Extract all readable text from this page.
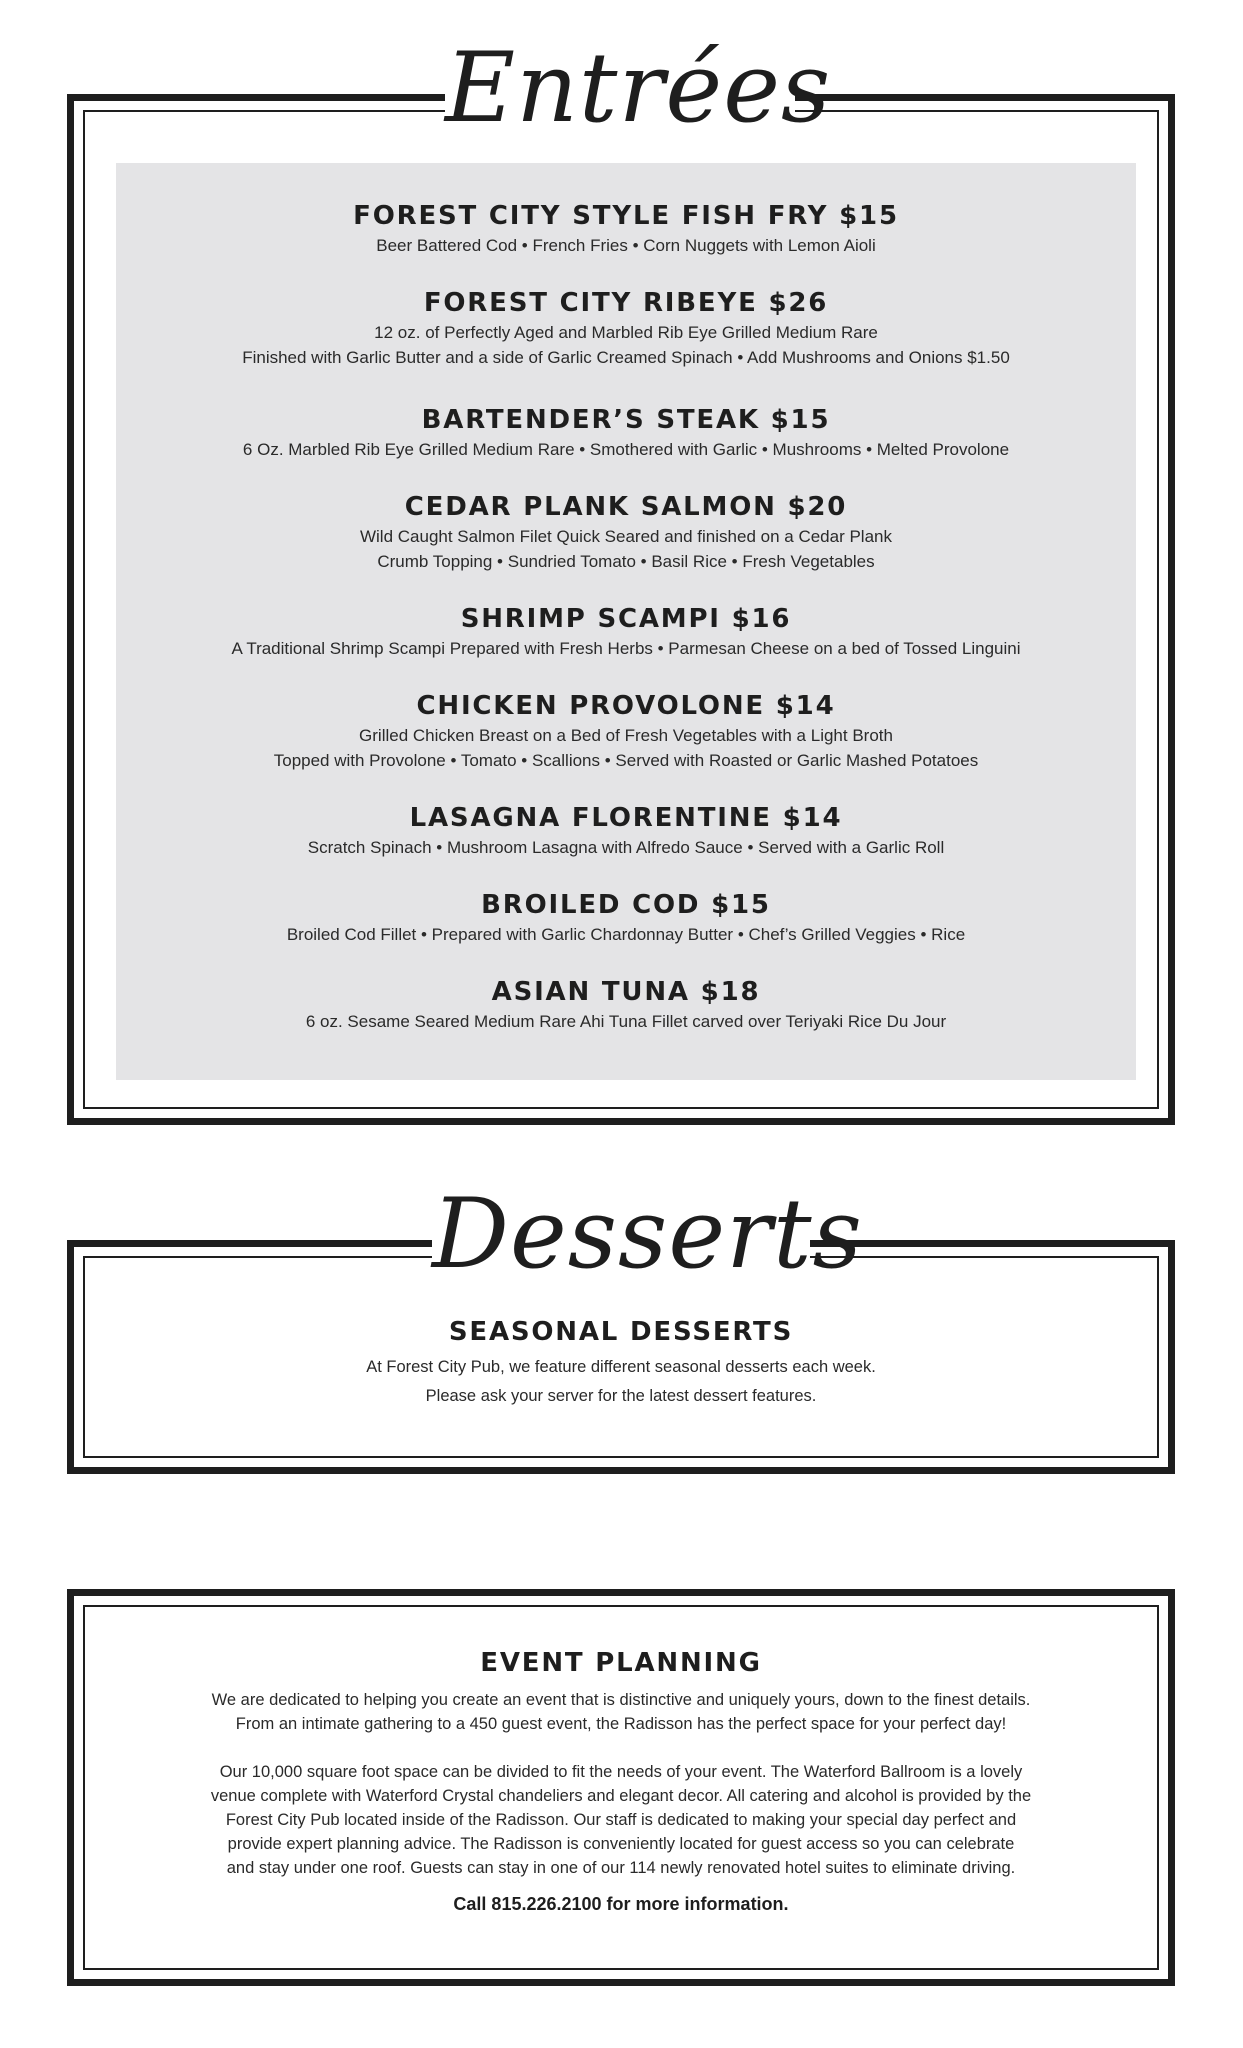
Entrées
FOREST CITY STYLE FISH FRY $15
Beer Battered Cod • French Fries • Corn Nuggets with Lemon Aioli
FOREST CITY RIBEYE $26
12 oz. of Perfectly Aged and Marbled Rib Eye Grilled Medium Rare
Finished with Garlic Butter and a side of Garlic Creamed Spinach • Add Mushrooms and Onions $1.50
BARTENDER’S STEAK $15
6 Oz. Marbled Rib Eye Grilled Medium Rare • Smothered with Garlic • Mushrooms • Melted Provolone
CEDAR PLANK SALMON $20
Wild Caught Salmon Filet Quick Seared and finished on a Cedar Plank
Crumb Topping • Sundried Tomato • Basil Rice • Fresh Vegetables
SHRIMP SCAMPI $16
A Traditional Shrimp Scampi Prepared with Fresh Herbs • Parmesan Cheese on a bed of Tossed Linguini
CHICKEN PROVOLONE $14
Grilled Chicken Breast on a Bed of Fresh Vegetables with a Light Broth
Topped with Provolone • Tomato • Scallions • Served with Roasted or Garlic Mashed Potatoes
LASAGNA FLORENTINE $14
Scratch Spinach • Mushroom Lasagna with Alfredo Sauce • Served with a Garlic Roll
BROILED COD $15
Broiled Cod Fillet • Prepared with Garlic Chardonnay Butter • Chef’s Grilled Veggies • Rice
ASIAN TUNA $18
6 oz. Sesame Seared Medium Rare Ahi Tuna Fillet carved over Teriyaki Rice Du Jour
SEASONAL DESSERTS
At Forest City Pub, we feature different seasonal desserts each week.
Please ask your server for the latest dessert features.
Desserts
EVENT PLANNING
We are dedicated to helping you create an event that is distinctive and uniquely yours, down to the finest details.
From an intimate gathering to a 450 guest event, the Radisson has the perfect space for your perfect day!
Our 10,000 square foot space can be divided to fit the needs of your event. The Waterford Ballroom is a lovely
venue complete with Waterford Crystal chandeliers and elegant decor. All catering and alcohol is provided by the
Forest City Pub located inside of the Radisson. Our staff is dedicated to making your special day perfect and
provide expert planning advice. The Radisson is conveniently located for guest access so you can celebrate
and stay under one roof. Guests can stay in one of our 114 newly renovated hotel suites to eliminate driving.
Call 815.226.2100 for more information.
